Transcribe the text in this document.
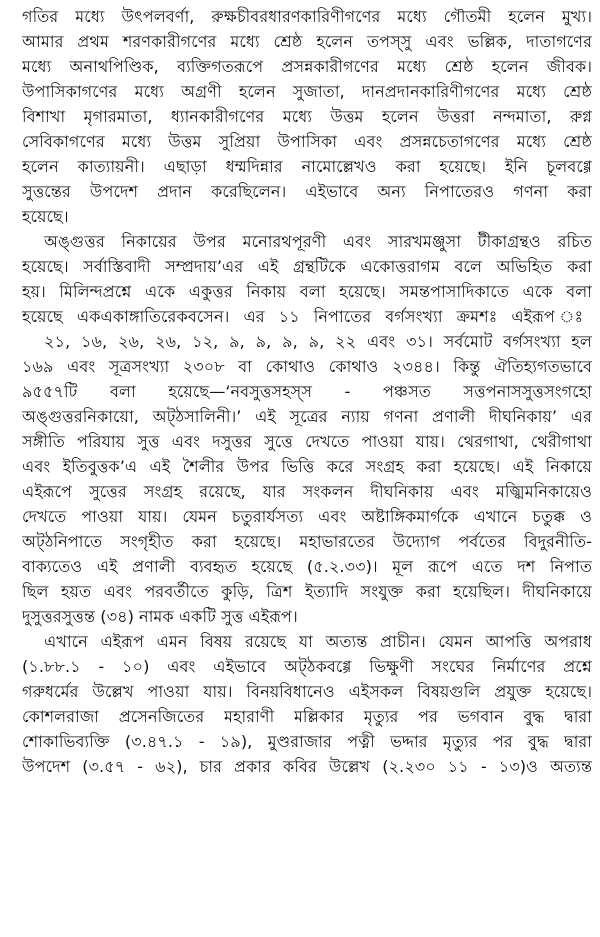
গতির মধ্যে উৎপলবর্ণা, রুক্ষচীবরধারণকারিণীগণের মধ্যে গৌতমী হলেন মুখ্য।
আমার প্রথম শরণকারীগণের মধ্যে শ্রেষ্ঠ হলেন তপস্সু এবং ভল্লিক, দাতাগণের
মধ্যে অনাথপিণ্ডিক, ব্যক্তিগতরূপে প্রসন্নকারীগণের মধ্যে শ্রেষ্ঠ হলেন জীবক।
উপাসিকাগণের মধ্যে অগ্রণী হলেন সুজাতা, দানপ্রদানকারিণীগণের মধ্যে শ্রেষ্ঠ
বিশাখা মৃগারমাতা, ধ্যানকারীগণের মধ্যে উত্তম হলেন উত্তরা নন্দমাতা, রুগ্ন
সেবিকাগণের মধ্যে উত্তম সুপ্রিয়া উপাসিকা এবং প্রসন্নচেতাগণের মধ্যে শ্রেষ্ঠ
হলেন কাত্যায়নী। এছাড়া ধম্মদিন্নার নামোল্লেখও করা হয়েছে। ইনি চূলবগ্গে
সুত্তন্তের উপদেশ প্রদান করেছিলেন। এইভাবে অন্য নিপাতেরও গণনা করা
হয়েছে।
অঙ্গুত্তর নিকায়ের উপর মনোরথপূরণী এবং সারখমঞ্জুসা টীকাগ্রন্থও রচিত
হয়েছে। সর্বাস্তিবাদী সম্প্রদায়’এর এই গ্রন্থটিকে একোত্তরাগম বলে অভিহিত করা
হয়। মিলিন্দপ্রশ্নে একে একুত্তর নিকায় বলা হয়েছে। সমন্তপাসাদিকাতে একে বলা
হয়েছে একএকাঙ্গাতিরেকবসেন। এর ১১ নিপাতের বর্গসংখ্যা ক্রমশঃ এইরূপ ঃ
২১, ১৬, ২৬, ২৬, ১২, ৯, ৯, ৯, ৯, ২২ এবং ৩১। সর্বমোট বর্গসংখ্যা হল
১৬৯ এবং সূত্রসংখ্যা ২৩০৮ বা কোথাও কোথাও ২৩৪৪। কিন্তু ঐতিহ্যগতভাবে
৯৫৫৭টি বলা হয়েছে—‘নবসুত্তসহস্স - পঞ্চসত সত্তপনাসসুত্তসংগহো
অঙ্গুত্তরনিকায়ো, অট্ঠসালিনী।’ এই সূত্রের ন্যায় গণনা প্রণালী দীঘনিকায়’ এর
সঙ্গীতি পরিযায় সুত্ত এবং দসুত্তর সুত্তে দেখতে পাওয়া যায়। থেরগাথা, থেরীগাথা
এবং ইতিবুত্তক’এ এই শৈলীর উপর ভিত্তি করে সংগ্রহ করা হয়েছে। এই নিকায়ে
এইরূপে সুত্তের সংগ্রহ রয়েছে, যার সংকলন দীঘনিকায় এবং মজ্ঝিমনিকায়েও
দেখতে পাওয়া যায়। যেমন চতুরার্যসত্য এবং অষ্টাঙ্গিকমার্গকে এখানে চতুক্ক ও
অট্ঠনিপাতে সংগৃহীত করা হয়েছে। মহাভারতের উদ্যোগ পর্বতের বিদুরনীতি-
বাক্যতেও এই প্রণালী ব্যবহৃত হয়েছে (৫.২.৩৩)। মূল রূপে এতে দশ নিপাত
ছিল হয়ত এবং পরবর্তীতে কুড়ি, ত্রিশ ইত্যাদি সংযুক্ত করা হয়েছিল। দীঘনিকায়ে
দুসুত্তরসুত্তন্ত (৩৪) নামক একটি সুত্ত এইরূপ।
এখানে এইরূপ এমন বিষয় রয়েছে যা অত্যন্ত প্রাচীন। যেমন আপত্তি অপরাধ
(১.৮৮.১ - ১০) এবং এইভাবে অট্ঠকবগ্গে ভিক্ষুণী সংঘের নির্মাণের প্রশ্নে
গরুধর্মের উল্লেখ পাওয়া যায়। বিনয়বিধানেও এইসকল বিষয়গুলি প্রযুক্ত হয়েছে।
কোশলরাজা প্রসেনজিতের মহারাণী মল্লিকার মৃত্যুর পর ভগবান বুদ্ধ দ্বারা
শোকাভিব্যক্তি (৩.৪৭.১ - ১৯), মুণ্ডরাজার পত্নী ভদ্দার মৃত্যুর পর বুদ্ধ দ্বারা
উপদেশ (৩.৫৭ - ৬২), চার প্রকার কবির উল্লেখ (২.২৩০ ১১ - ১৩)ও অত্যন্ত
